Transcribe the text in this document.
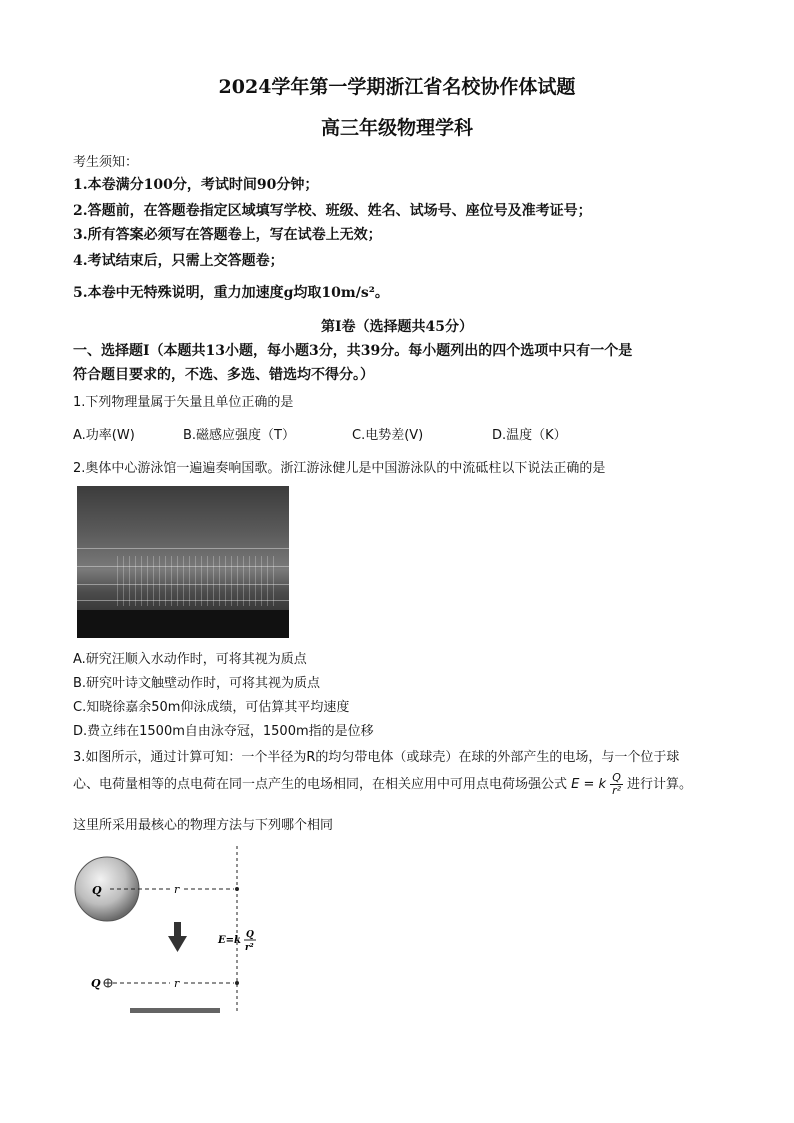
2024学年第一学期浙江省名校协作体试题
高三年级物理学科
考生须知：
1.本卷满分100分，考试时间90分钟；
2.答题前，在答题卷指定区域填写学校、班级、姓名、试场号、座位号及准考证号；
3.所有答案必须写在答题卷上，写在试卷上无效；
4.考试结束后，只需上交答题卷；
5.本卷中无特殊说明，重力加速度g均取10m/s²。
第I卷（选择题共45分）
一、选择题I（本题共13小题，每小题3分，共39分。每小题列出的四个选项中只有一个是
符合题目要求的，不选、多选、错选均不得分。）
1.下列物理量属于矢量且单位正确的是
A.功率(W)	B.磁感应强度（T）	C.电势差(V)	D.温度（K）
2.奥体中心游泳馆一遍遍奏响国歌。浙江游泳健儿是中国游泳队的中流砥柱以下说法正确的是
A.研究汪顺入水动作时，可将其视为质点
B.研究叶诗文触壁动作时，可将其视为质点
C.知晓徐嘉余50m仰泳成绩，可估算其平均速度
D.费立纬在1500m自由泳夺冠，1500m指的是位移
3.如图所示，通过计算可知：一个半径为R的均匀带电体（或球壳）在球的外部产生的电场，与一个位于球
心、电荷量相等的点电荷在同一点产生的电场相同，在相关应用中可用点电荷场强公式 E = k $\frac{Q}{\text{r²}}$ 进行计算。
这里所采用最核心的物理方法与下列哪个相同
Q	r
E=k Q
r²
Q	r
